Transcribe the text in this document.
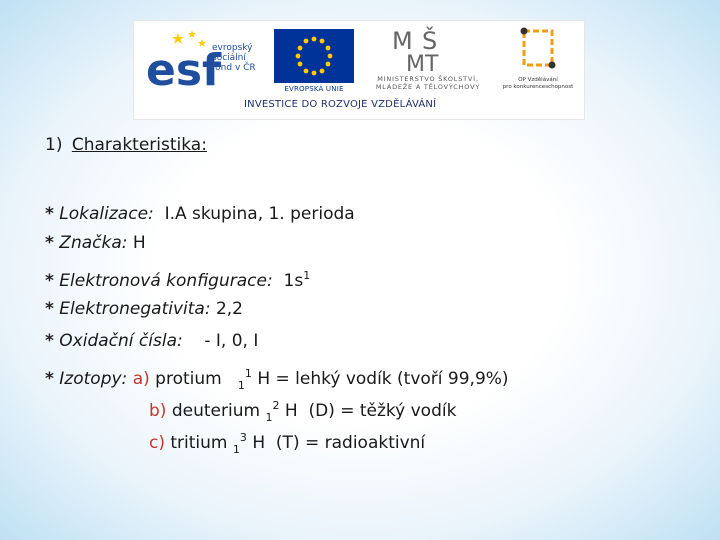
esf
evropský
sociální
fond v ČR
EVROPSKÁ UNIE
M Š
MT
MINISTERSTVO ŠKOLSTVÍ,
MLÁDEŽE A TĚLOVÝCHOVY
OP Vzdělávání
pro konkurenceschopnost
INVESTICE DO ROZVOJE VZDĚLÁVÁNÍ
1) Charakteristika:
* Lokalizace: I.A skupina, 1. perioda
* Značka: H
* Elektronová konfigurace: $1s^1$
* Elektronegativita: 2,2
* Oxidační čísla: - I, 0, I
* Izotopy: a) protium $_1^1$ H = lehký vodík (tvoří 99,9%)
b) deuterium $_1^2$ H (D) = těžký vodík
c) tritium $_1^3$ H (T) = radioaktivní
